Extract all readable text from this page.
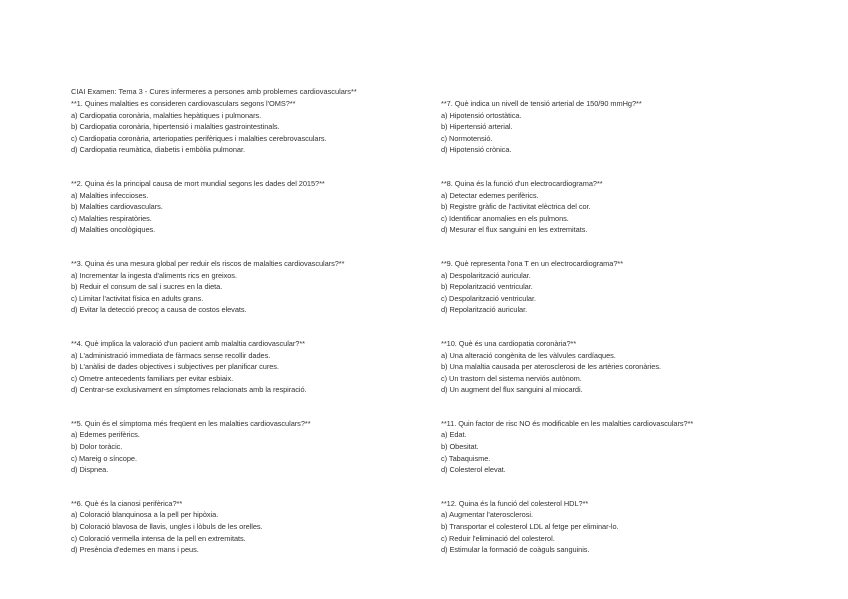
CIAI Examen: Tema 3 - Cures infermeres a persones amb problemes cardiovasculars**
**1. Quines malalties es consideren cardiovasculars segons l'OMS?**
a) Cardiopatia coronària, malalties hepàtiques i pulmonars.
b) Cardiopatia coronària, hipertensió i malalties gastrointestinals.
c) Cardiopatia coronària, arteriopaties perifèriques i malalties cerebrovasculars.
d) Cardiopatia reumàtica, diabetis i embòlia pulmonar.
**2. Quina és la principal causa de mort mundial segons les dades del 2015?**
a) Malalties infeccioses.
b) Malalties cardiovasculars.
c) Malalties respiratòries.
d) Malalties oncològiques.
**3. Quina és una mesura global per reduir els riscos de malalties cardiovasculars?**
a) Incrementar la ingesta d'aliments rics en greixos.
b) Reduir el consum de sal i sucres en la dieta.
c) Limitar l'activitat física en adults grans.
d) Evitar la detecció precoç a causa de costos elevats.
**4. Què implica la valoració d'un pacient amb malaltia cardiovascular?**
a) L'administració immediata de fàrmacs sense recollir dades.
b) L'anàlisi de dades objectives i subjectives per planificar cures.
c) Ometre antecedents familiars per evitar esbiaix.
d) Centrar-se exclusivament en símptomes relacionats amb la respiració.
**5. Quin és el símptoma més freqüent en les malalties cardiovasculars?**
a) Edemes perifèrics.
b) Dolor toràcic.
c) Mareig o síncope.
d) Dispnea.
**6. Què és la cianosi perifèrica?**
a) Coloració blanquinosa a la pell per hipòxia.
b) Coloració blavosa de llavis, ungles i lòbuls de les orelles.
c) Coloració vermella intensa de la pell en extremitats.
d) Presència d'edemes en mans i peus.
**7. Què indica un nivell de tensió arterial de 150/90 mmHg?**
a) Hipotensió ortostàtica.
b) Hipertensió arterial.
c) Normotensió.
d) Hipotensió crònica.
**8. Quina és la funció d'un electrocardiograma?**
a) Detectar edemes perifèrics.
b) Registre gràfic de l'activitat elèctrica del cor.
c) Identificar anomalies en els pulmons.
d) Mesurar el flux sanguini en les extremitats.
**9. Què representa l'ona T en un electrocardiograma?**
a) Despolarització auricular.
b) Repolarització ventricular.
c) Despolarització ventricular.
d) Repolarització auricular.
**10. Què és una cardiopatia coronària?**
a) Una alteració congènita de les vàlvules cardíaques.
b) Una malaltia causada per aterosclerosi de les artèries coronàries.
c) Un trastorn del sistema nerviós autònom.
d) Un augment del flux sanguini al miocardi.
**11. Quin factor de risc NO és modificable en les malalties cardiovasculars?**
a) Edat.
b) Obesitat.
c) Tabaquisme.
d) Colesterol elevat.
**12. Quina és la funció del colesterol HDL?**
a) Augmentar l'aterosclerosi.
b) Transportar el colesterol LDL al fetge per eliminar-lo.
c) Reduir l'eliminació del colesterol.
d) Estimular la formació de coàguls sanguinis.
